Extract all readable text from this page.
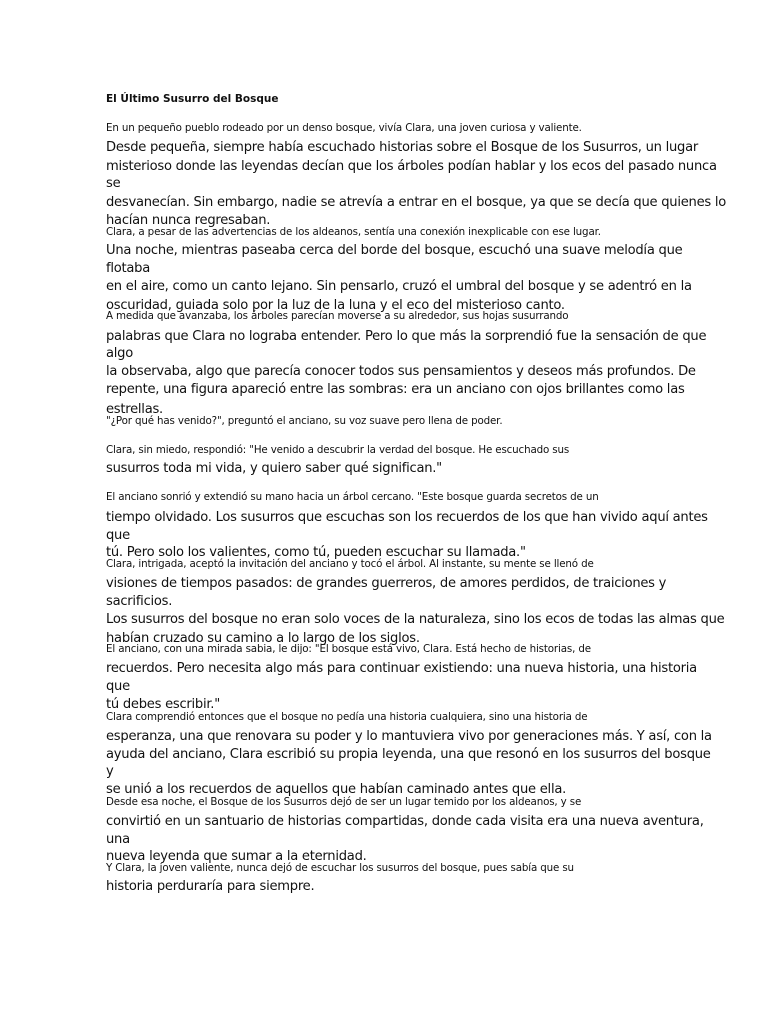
El Último Susurro del Bosque
En un pequeño pueblo rodeado por un denso bosque, vivía Clara, una joven curiosa y valiente.
Desde pequeña, siempre había escuchado historias sobre el Bosque de los Susurros, un lugar
misterioso donde las leyendas decían que los árboles podían hablar y los ecos del pasado nunca
se
desvanecían. Sin embargo, nadie se atrevía a entrar en el bosque, ya que se decía que quienes lo
hacían nunca regresaban.
Clara, a pesar de las advertencias de los aldeanos, sentía una conexión inexplicable con ese lugar.
Una noche, mientras paseaba cerca del borde del bosque, escuchó una suave melodía que
flotaba
en el aire, como un canto lejano. Sin pensarlo, cruzó el umbral del bosque y se adentró en la
oscuridad, guiada solo por la luz de la luna y el eco del misterioso canto.
A medida que avanzaba, los árboles parecían moverse a su alrededor, sus hojas susurrando
palabras que Clara no lograba entender. Pero lo que más la sorprendió fue la sensación de que
algo
la observaba, algo que parecía conocer todos sus pensamientos y deseos más profundos. De
repente, una figura apareció entre las sombras: era un anciano con ojos brillantes como las
estrellas.
"¿Por qué has venido?", preguntó el anciano, su voz suave pero llena de poder.
Clara, sin miedo, respondió: "He venido a descubrir la verdad del bosque. He escuchado sus
susurros toda mi vida, y quiero saber qué significan."
El anciano sonrió y extendió su mano hacia un árbol cercano. "Este bosque guarda secretos de un
tiempo olvidado. Los susurros que escuchas son los recuerdos de los que han vivido aquí antes
que
tú. Pero solo los valientes, como tú, pueden escuchar su llamada."
Clara, intrigada, aceptó la invitación del anciano y tocó el árbol. Al instante, su mente se llenó de
visiones de tiempos pasados: de grandes guerreros, de amores perdidos, de traiciones y
sacrificios.
Los susurros del bosque no eran solo voces de la naturaleza, sino los ecos de todas las almas que
habían cruzado su camino a lo largo de los siglos.
El anciano, con una mirada sabia, le dijo: "El bosque está vivo, Clara. Está hecho de historias, de
recuerdos. Pero necesita algo más para continuar existiendo: una nueva historia, una historia
que
tú debes escribir."
Clara comprendió entonces que el bosque no pedía una historia cualquiera, sino una historia de
esperanza, una que renovara su poder y lo mantuviera vivo por generaciones más. Y así, con la
ayuda del anciano, Clara escribió su propia leyenda, una que resonó en los susurros del bosque
y
se unió a los recuerdos de aquellos que habían caminado antes que ella.
Desde esa noche, el Bosque de los Susurros dejó de ser un lugar temido por los aldeanos, y se
convirtió en un santuario de historias compartidas, donde cada visita era una nueva aventura,
una
nueva leyenda que sumar a la eternidad.
Y Clara, la joven valiente, nunca dejó de escuchar los susurros del bosque, pues sabía que su
historia perduraría para siempre.
